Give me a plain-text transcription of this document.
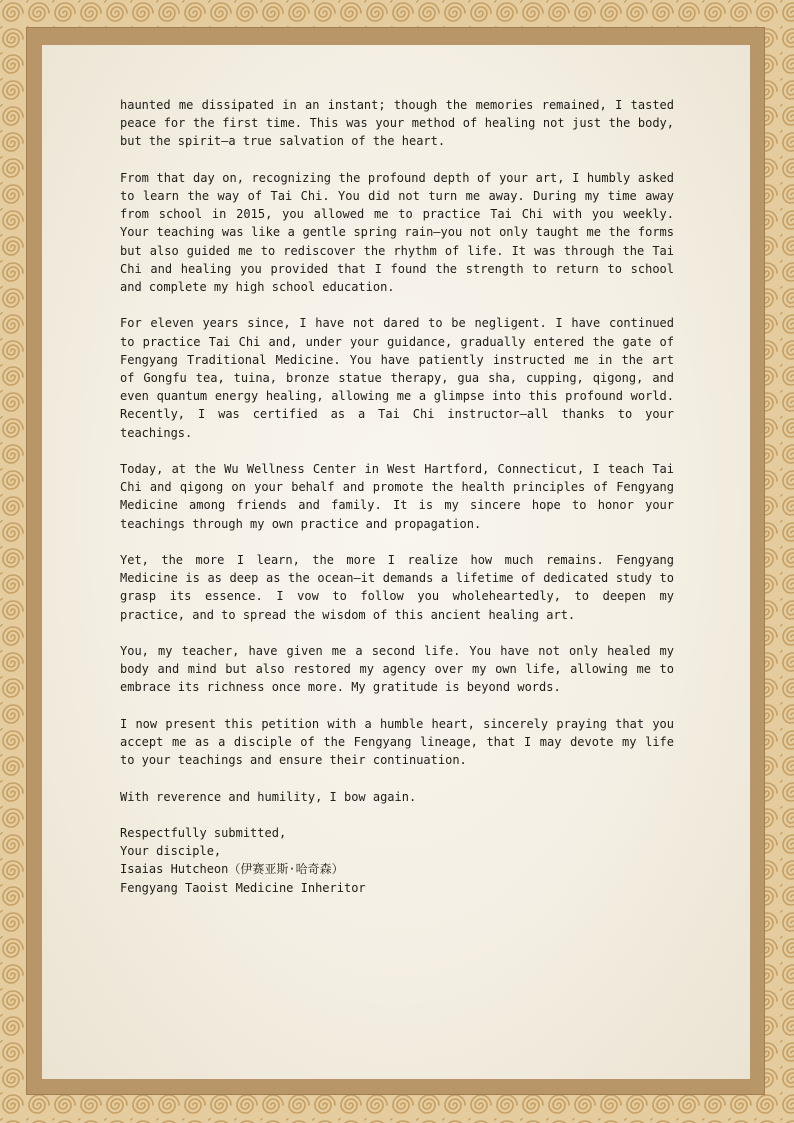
haunted me dissipated in an instant; though the memories remained, I tasted peace for the first time. This was your method of healing not just the body, but the spirit—a true salvation of the heart.

From that day on, recognizing the profound depth of your art, I humbly asked to learn the way of Tai Chi. You did not turn me away. During my time away from school in 2015, you allowed me to practice Tai Chi with you weekly. Your teaching was like a gentle spring rain—you not only taught me the forms but also guided me to rediscover the rhythm of life. It was through the Tai Chi and healing you provided that I found the strength to return to school and complete my high school education.

For eleven years since, I have not dared to be negligent. I have continued to practice Tai Chi and, under your guidance, gradually entered the gate of Fengyang Traditional Medicine. You have patiently instructed me in the art of Gongfu tea, tuina, bronze statue therapy, gua sha, cupping, qigong, and even quantum energy healing, allowing me a glimpse into this profound world. Recently, I was certified as a Tai Chi instructor—all thanks to your teachings.

Today, at the Wu Wellness Center in West Hartford, Connecticut, I teach Tai Chi and qigong on your behalf and promote the health principles of Fengyang Medicine among friends and family. It is my sincere hope to honor your teachings through my own practice and propagation.

Yet, the more I learn, the more I realize how much remains. Fengyang Medicine is as deep as the ocean—it demands a lifetime of dedicated study to grasp its essence. I vow to follow you wholeheartedly, to deepen my practice, and to spread the wisdom of this ancient healing art.

You, my teacher, have given me a second life. You have not only healed my body and mind but also restored my agency over my own life, allowing me to embrace its richness once more. My gratitude is beyond words.

I now present this petition with a humble heart, sincerely praying that you accept me as a disciple of the Fengyang lineage, that I may devote my life to your teachings and ensure their continuation.

With reverence and humility, I bow again.

Respectfully submitted,
Your disciple,
Isaias Hutcheon（伊赛亚斯·哈奇森）
Fengyang Taoist Medicine Inheritor
